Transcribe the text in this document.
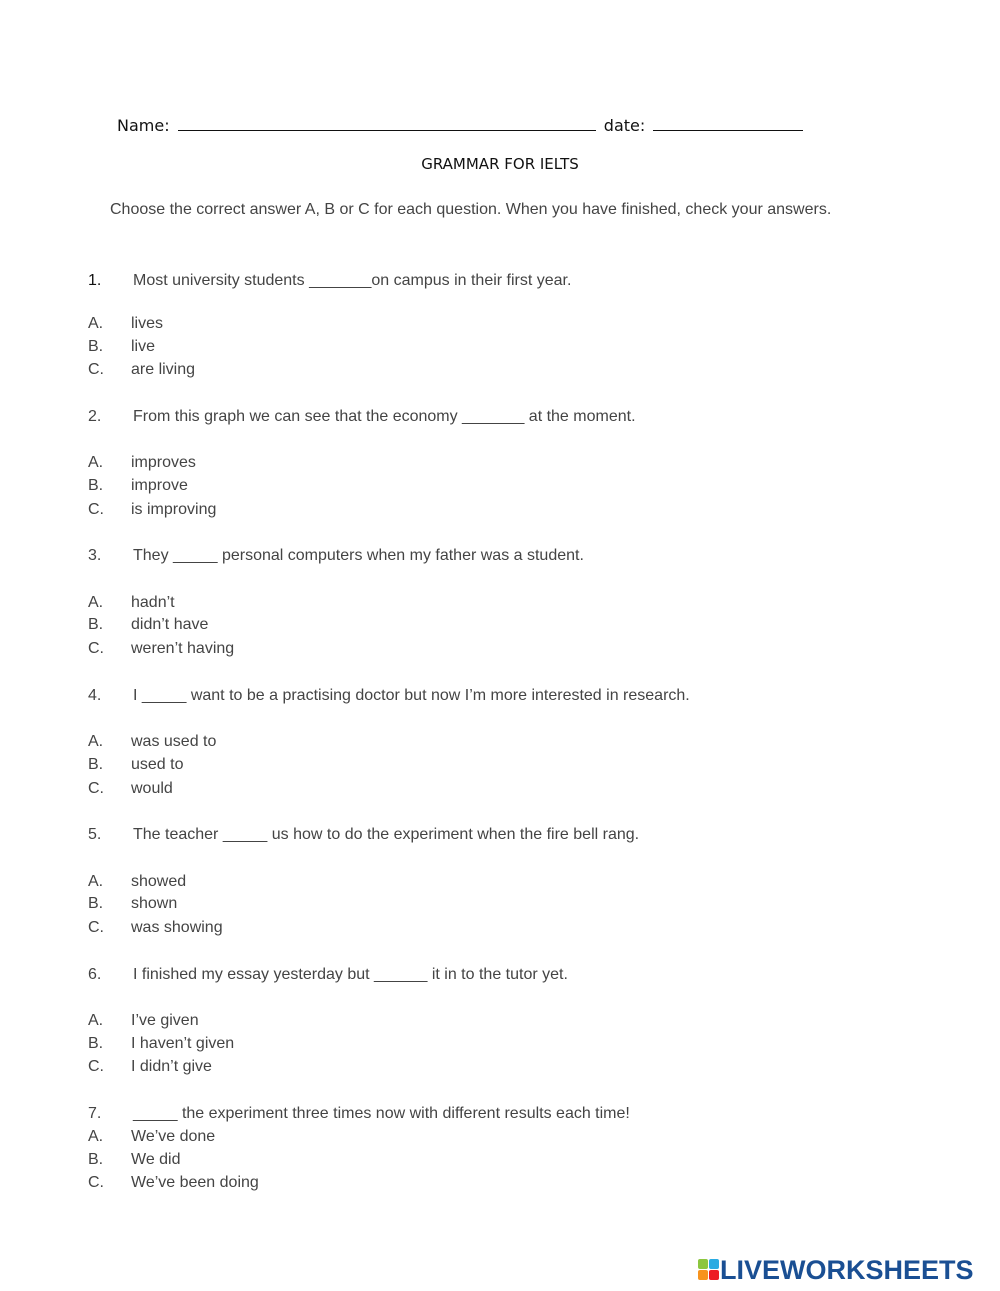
Name:	date:
GRAMMAR FOR IELTS
Choose the correct answer A, B or C for each question. When you have finished, check your answers.
1. Most university students _______on campus in their first year.
A. lives
B. live
C. are living
2. From this graph we can see that the economy _______ at the moment.
A. improves
B. improve
C. is improving
3. They _____ personal computers when my father was a student.
A. hadn’t
B. didn’t have
C. weren’t having
4. I _____ want to be a practising doctor but now I’m more interested in research.
A. was used to
B. used to
C. would
5. The teacher _____ us how to do the experiment when the fire bell rang.
A. showed
B. shown
C. was showing
6. I finished my essay yesterday but ______ it in to the tutor yet.
A. I’ve given
B. I haven’t given
C. I didn’t give
7. _____ the experiment three times now with different results each time!
A. We’ve done
B. We did
C. We’ve been doing
LIVEWORKSHEETS
